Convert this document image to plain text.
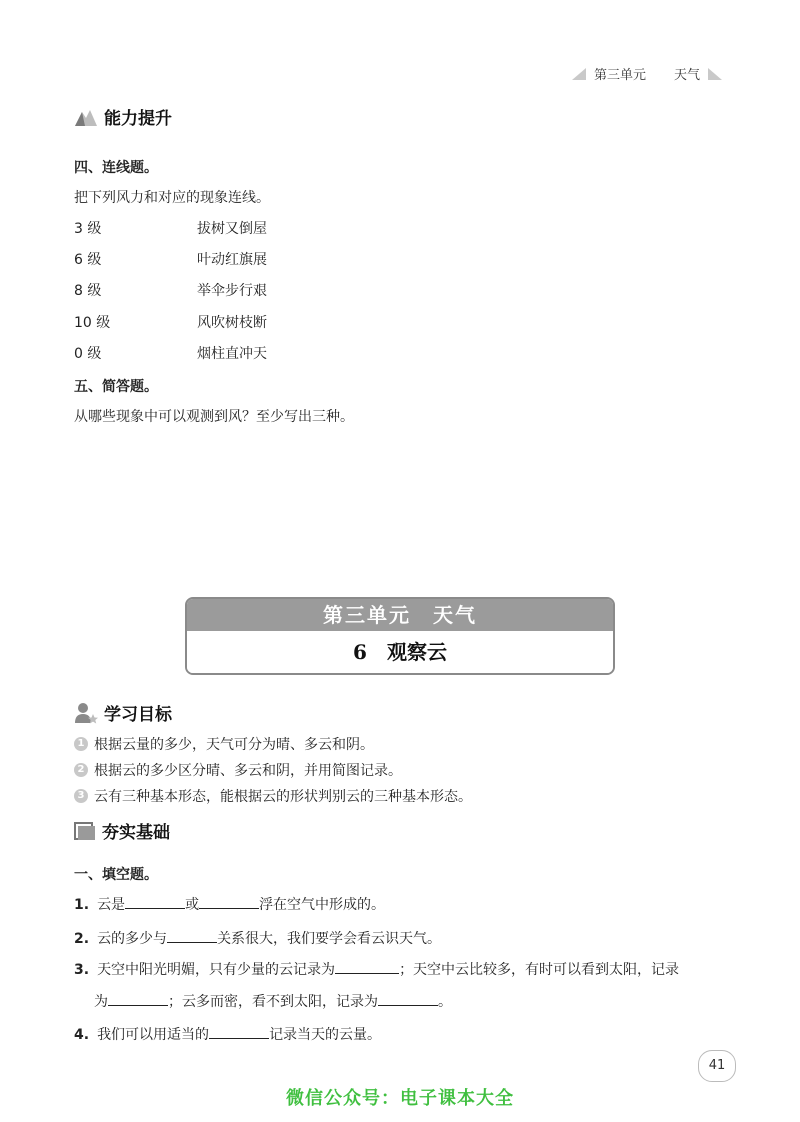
第三单元 天气
能力提升
四、连线题。
把下列风力和对应的现象连线。
3 级	拔树又倒屋
6 级	叶动红旗展
8 级	举伞步行艰
10 级	风吹树枝断
0 级	烟柱直冲天
五、简答题。
从哪些现象中可以观测到风？至少写出三种。
第三单元　天气
6　观察云
学习目标
1 根据云量的多少，天气可分为晴、多云和阴。
2 根据云的多少区分晴、多云和阴，并用简图记录。
3 云有三种基本形态，能根据云的形状判别云的三种基本形态。
夯实基础
一、填空题。
1. 云是	或	浮在空气中形成的。
2. 云的多少与	关系很大，我们要学会看云识天气。
3. 天空中阳光明媚，只有少量的云记录为	；天空中云比较多，有时可以看到太阳，记录
为	；云多而密，看不到太阳，记录为	。
4. 我们可以用适当的	记录当天的云量。
41
微信公众号：电子课本大全
